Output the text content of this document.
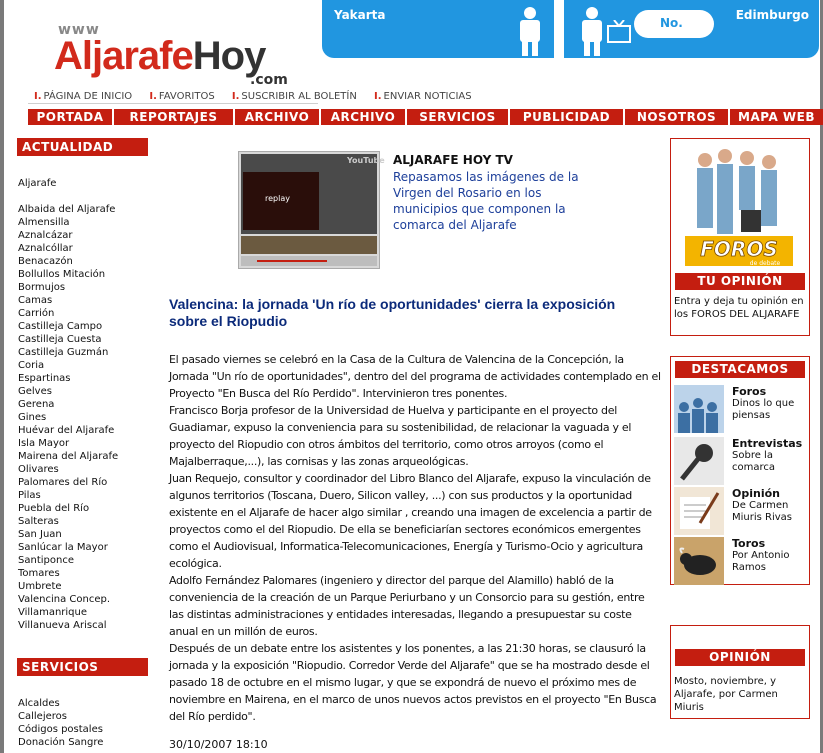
www
AljarafeHoy
.com
Yakarta	Edimburgo
No.
I. PÁGINA DE INICIO I. FAVORITOS I. SUSCRIBIR AL BOLETÍN I. ENVIAR NOTICIAS
PORTADA	REPORTAJES	ARCHIVO	ARCHIVO	SERVICIOS	PUBLICIDAD	NOSOTROS	MAPA WEB
ACTUALIDAD
Aljarafe
Albaida del Aljarafe
Almensilla
Aznalcázar
Aznalcóllar
Benacazón
Bollullos Mitación
Bormujos
Camas
Carrión
Castilleja Campo
Castilleja Cuesta
Castilleja Guzmán
Coria
Espartinas
Gelves
Gerena
Gines
Huévar del Aljarafe
Isla Mayor
Mairena del Aljarafe
Olivares
Palomares del Río
Pilas
Puebla del Río
Salteras
San Juan
Sanlúcar la Mayor
Santiponce
Tomares
Umbrete
Valencina Concep.
Villamanrique
Villanueva Ariscal
SERVICIOS
Alcaldes
Callejeros
Códigos postales
Donación Sangre
replay
YouTube ALJARAFE HOY TV
Repasamos las imágenes de la Virgen del Rosario en los municipios que componen la comarca del Aljarafe
Valencina: la jornada 'Un río de oportunidades' cierra la exposición sobre el Riopudio
El pasado viernes se celebró en la Casa de la Cultura de Valencina de la Concepción, la Jornada "Un río de oportunidades", dentro del del programa de actividades contemplado en el Proyecto "En Busca del Río Perdido". Intervinieron tres ponentes.
Francisco Borja profesor de la Universidad de Huelva y participante en el proyecto del Guadiamar, expuso la conveniencia para su sostenibilidad, de relacionar la vaguada y el proyecto del Riopudio con otros ámbitos del territorio, como otros arroyos (como el Majalberraque,...), las cornisas y las zonas arqueológicas.
Juan Requejo, consultor y coordinador del Libro Blanco del Aljarafe, expuso la vinculación de algunos territorios (Toscana, Duero, Silicon valley, ...) con sus productos y la oportunidad existente en el Aljarafe de hacer algo similar , creando una imagen de excelencia a partir de proyectos como el del Riopudio. De ella se beneficiarían sectores económicos emergentes como el Audiovisual, Informatica-Telecomunicaciones, Energía y Turismo-Ocio y agricultura ecológica.
Adolfo Fernández Palomares (ingeniero y director del parque del Alamillo) habló de la conveniencia de la creación de un Parque Periurbano y un Consorcio para su gestión, entre las distintas administraciones y entidades interesadas, llegando a presupuestar su coste anual en un millón de euros.
Después de un debate entre los asistentes y los ponentes, a las 21:30 horas, se clausuró la jornada y la exposición "Riopudio. Corredor Verde del Aljarafe" que se ha mostrado desde el pasado 18 de octubre en el mismo lugar, y que se expondrá de nuevo el próximo mes de noviembre en Mairena, en el marco de unos nuevos actos previstos en el proyecto "En Busca del Río perdido".
30/10/2007 18:10
FOROS
de debate
TU OPINIÓN
Entra y deja tu opinión en los FOROS DEL ALJARAFE
DESTACAMOS
Foros
Dinos lo que piensas
Entrevistas
Sobre la comarca
Opinión
De Carmen Miuris Rivas
Toros
Por Antonio Ramos
OPINIÓN
Mosto, noviembre, y Aljarafe, por Carmen Miuris
